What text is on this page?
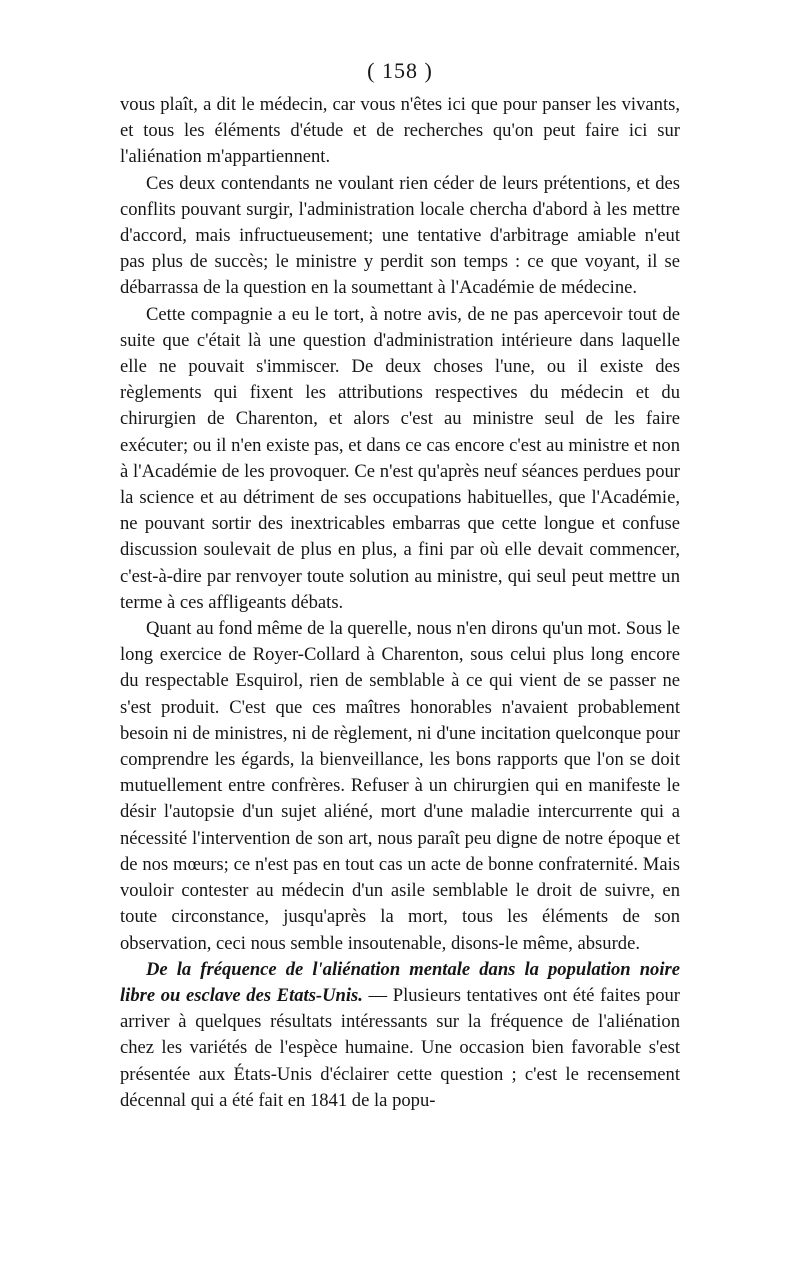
( 158 )

vous plaît, a dit le médecin, car vous n'êtes ici que pour panser les vivants, et tous les éléments d'étude et de recherches qu'on peut faire ici sur l'aliénation m'appartiennent.

Ces deux contendants ne voulant rien céder de leurs prétentions, et des conflits pouvant surgir, l'administration locale chercha d'abord à les mettre d'accord, mais infructueusement; une tentative d'arbitrage amiable n'eut pas plus de succès; le ministre y perdit son temps : ce que voyant, il se débarrassa de la question en la soumettant à l'Académie de médecine.

Cette compagnie a eu le tort, à notre avis, de ne pas apercevoir tout de suite que c'était là une question d'administration intérieure dans laquelle elle ne pouvait s'immiscer. De deux choses l'une, ou il existe des règlements qui fixent les attributions respectives du médecin et du chirurgien de Charenton, et alors c'est au ministre seul de les faire exécuter; ou il n'en existe pas, et dans ce cas encore c'est au ministre et non à l'Académie de les provoquer. Ce n'est qu'après neuf séances perdues pour la science et au détriment de ses occupations habituelles, que l'Académie, ne pouvant sortir des inextricables embarras que cette longue et confuse discussion soulevait de plus en plus, a fini par où elle devait commencer, c'est-à-dire par renvoyer toute solution au ministre, qui seul peut mettre un terme à ces affligeants débats.

Quant au fond même de la querelle, nous n'en dirons qu'un mot. Sous le long exercice de Royer-Collard à Charenton, sous celui plus long encore du respectable Esquirol, rien de semblable à ce qui vient de se passer ne s'est produit. C'est que ces maîtres honorables n'avaient probablement besoin ni de ministres, ni de règlement, ni d'une incitation quelconque pour comprendre les égards, la bienveillance, les bons rapports que l'on se doit mutuellement entre confrères. Refuser à un chirurgien qui en manifeste le désir l'autopsie d'un sujet aliéné, mort d'une maladie intercurrente qui a nécessité l'intervention de son art, nous paraît peu digne de notre époque et de nos mœurs; ce n'est pas en tout cas un acte de bonne confraternité. Mais vouloir contester au médecin d'un asile semblable le droit de suivre, en toute circonstance, jusqu'après la mort, tous les éléments de son observation, ceci nous semble insoutenable, disons-le même, absurde.

De la fréquence de l'aliénation mentale dans la population noire libre ou esclave des Etats-Unis. — Plusieurs tentatives ont été faites pour arriver à quelques résultats intéressants sur la fréquence de l'aliénation chez les variétés de l'espèce humaine. Une occasion bien favorable s'est présentée aux États-Unis d'éclairer cette question ; c'est le recensement décennal qui a été fait en 1841 de la popu-
